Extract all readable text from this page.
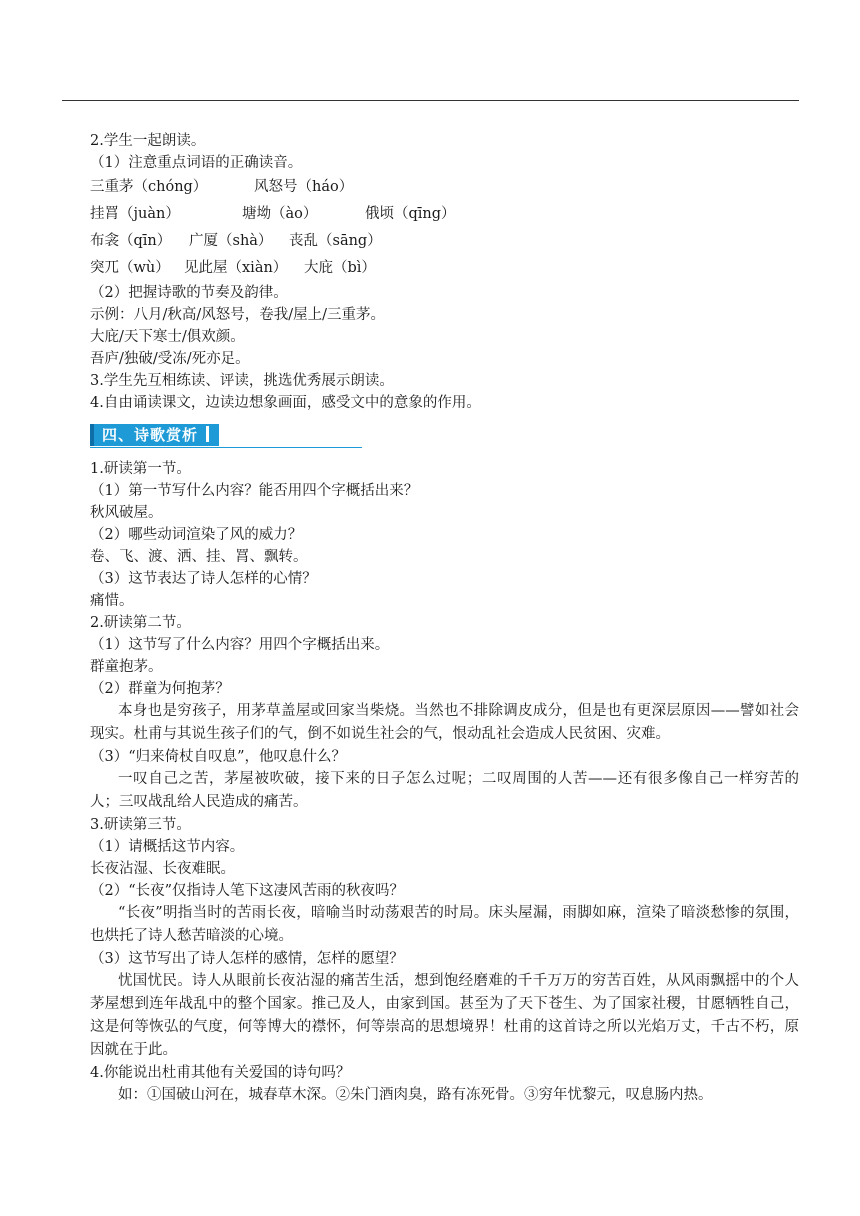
2.学生一起朗读。
（1）注意重点词语的正确读音。
三重茅（chóng）	风怒号（háo）
挂罥（juàn）	塘坳（ào）	俄顷（qīng）
布衾（qīn） 广厦（shà） 丧乱（sāng）
突兀（wù） 见此屋（xiàn） 大庇（bì）
（2）把握诗歌的节奏及韵律。
示例：八月/秋高/风怒号，卷我/屋上/三重茅。
大庇/天下寒士/俱欢颜。
吾庐/独破/受冻/死亦足。
3.学生先互相练读、评读，挑选优秀展示朗读。
4.自由诵读课文，边读边想象画面，感受文中的意象的作用。
四、诗歌赏析
1.研读第一节。
（1）第一节写什么内容？能否用四个字概括出来？
秋风破屋。
（2）哪些动词渲染了风的威力？
卷、飞、渡、洒、挂、罥、飘转。
（3）这节表达了诗人怎样的心情？
痛惜。
2.研读第二节。
（1）这节写了什么内容？用四个字概括出来。
群童抱茅。
（2）群童为何抱茅？
本身也是穷孩子，用茅草盖屋或回家当柴烧。当然也不排除调皮成分，但是也有更深层原因——譬如社会现实。杜甫与其说生孩子们的气，倒不如说生社会的气，恨动乱社会造成人民贫困、灾难。
（3）“归来倚杖自叹息”，他叹息什么？
一叹自己之苦，茅屋被吹破，接下来的日子怎么过呢；二叹周围的人苦——还有很多像自己一样穷苦的人；三叹战乱给人民造成的痛苦。
3.研读第三节。
（1）请概括这节内容。
长夜沾湿、长夜难眠。
（2）“长夜”仅指诗人笔下这凄风苦雨的秋夜吗？
“长夜”明指当时的苦雨长夜，暗喻当时动荡艰苦的时局。床头屋漏，雨脚如麻，渲染了暗淡愁惨的氛围，也烘托了诗人愁苦暗淡的心境。
（3）这节写出了诗人怎样的感情，怎样的愿望？
忧国忧民。诗人从眼前长夜沾湿的痛苦生活，想到饱经磨难的千千万万的穷苦百姓，从风雨飘摇中的个人茅屋想到连年战乱中的整个国家。推己及人，由家到国。甚至为了天下苍生、为了国家社稷，甘愿牺牲自己，这是何等恢弘的气度，何等博大的襟怀，何等崇高的思想境界！杜甫的这首诗之所以光焰万丈，千古不朽，原因就在于此。
4.你能说出杜甫其他有关爱国的诗句吗？
如：①国破山河在，城春草木深。②朱门酒肉臭，路有冻死骨。③穷年忧黎元，叹息肠内热。
